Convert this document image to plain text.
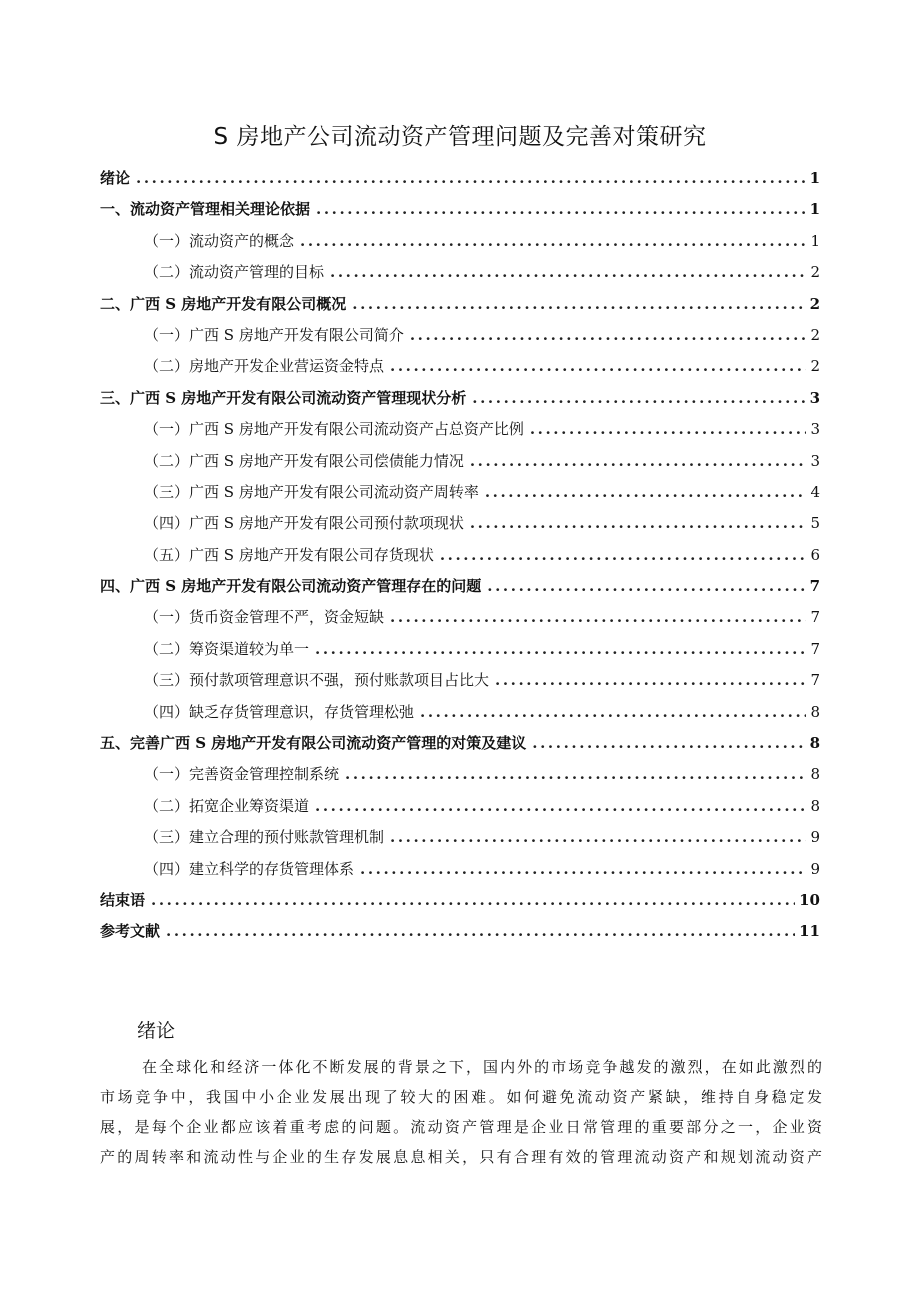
S 房地产公司流动资产管理问题及完善对策研究
绪论 .....	1
一、流动资产管理相关理论依据 .....	1
（一）流动资产的概念 .....	1
（二）流动资产管理的目标 .....	2
二、广西 S 房地产开发有限公司概况 .....	2
（一）广西 S 房地产开发有限公司简介 .....	2
（二）房地产开发企业营运资金特点 .....	2
三、广西 S 房地产开发有限公司流动资产管理现状分析 .....	3
（一）广西 S 房地产开发有限公司流动资产占总资产比例 .....	3
（二）广西 S 房地产开发有限公司偿债能力情况 .....	3
（三）广西 S 房地产开发有限公司流动资产周转率 .....	4
（四）广西 S 房地产开发有限公司预付款项现状 .....	5
（五）广西 S 房地产开发有限公司存货现状 .....	6
四、广西 S 房地产开发有限公司流动资产管理存在的问题 .....	7
（一）货币资金管理不严，资金短缺 .....	7
（二）筹资渠道较为单一 .....	7
（三）预付款项管理意识不强，预付账款项目占比大 .....	7
（四）缺乏存货管理意识，存货管理松弛 .....	8
五、完善广西 S 房地产开发有限公司流动资产管理的对策及建议 .....	8
（一）完善资金管理控制系统 .....	8
（二）拓宽企业筹资渠道 .....	8
（三）建立合理的预付账款管理机制 .....	9
（四）建立科学的存货管理体系 .....	9
结束语 .....	10
参考文献 .....	11
绪论
在全球化和经济一体化不断发展的背景之下，国内外的市场竞争越发的激烈，在如此激烈的
市场竞争中，我国中小企业发展出现了较大的困难。如何避免流动资产紧缺，维持自身稳定发
展，是每个企业都应该着重考虑的问题。流动资产管理是企业日常管理的重要部分之一，企业资
产的周转率和流动性与企业的生存发展息息相关，只有合理有效的管理流动资产和规划流动资产
